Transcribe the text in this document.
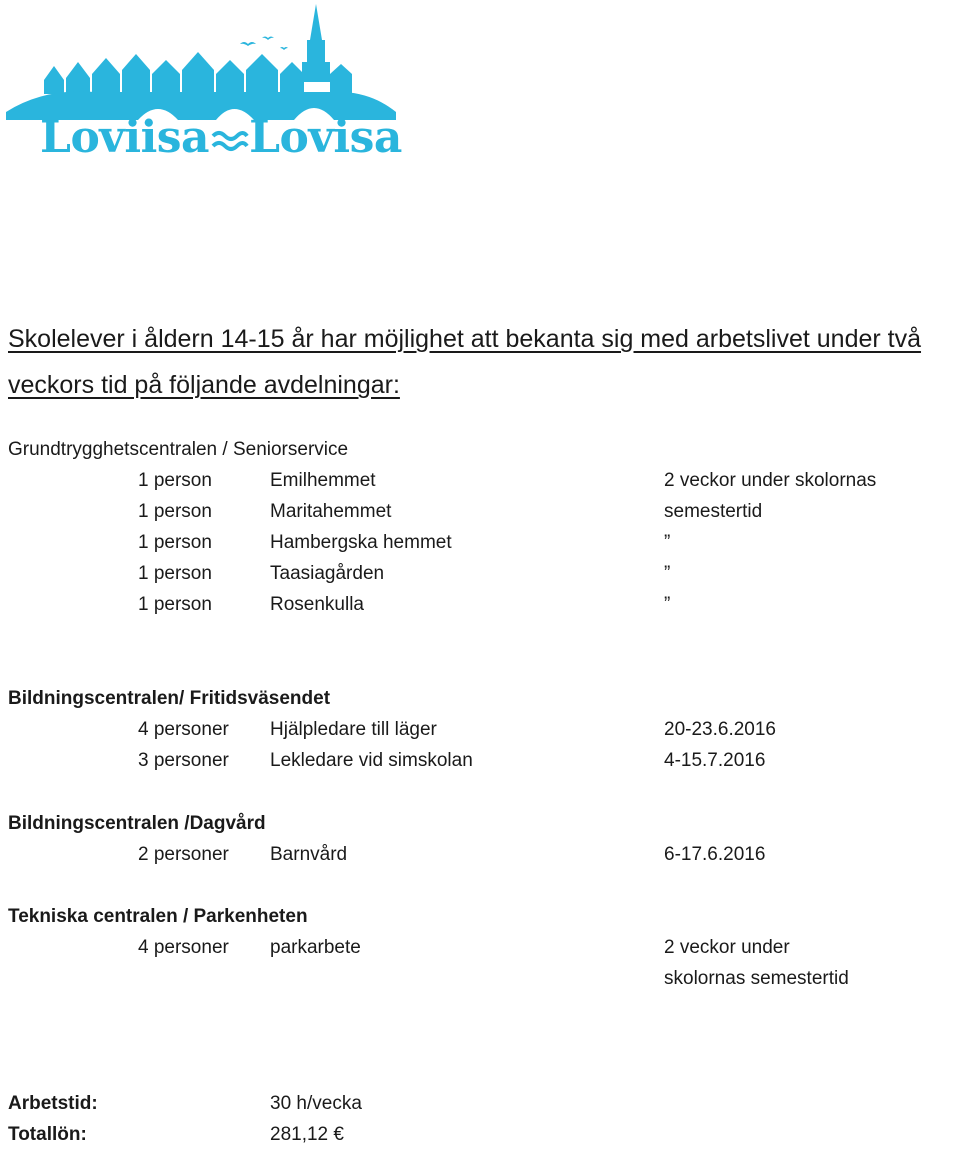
Loviisa Lovisa
Skolelever i åldern 14-15 år har möjlighet att bekanta sig med arbetslivet under två veckors tid på följande avdelningar:
Grundtrygghetscentralen / Seniorservice
1 person	Emilhemmet	2 veckor under skolornas
1 person	Maritahemmet	semestertid
1 person	Hambergska hemmet	”
1 person	Taasiagården	”
1 person	Rosenkulla	”
Bildningscentralen/ Fritidsväsendet
4 personer Hjälpledare till läger	20-23.6.2016
3 personer Lekledare vid simskolan	4-15.7.2016
Bildningscentralen /Dagvård
2 personer Barnvård	6-17.6.2016
Tekniska centralen / Parkenheten
4 personer parkarbete	2 veckor under
skolornas semestertid
Arbetstid:	30 h/vecka
Totallön:	281,12 €
